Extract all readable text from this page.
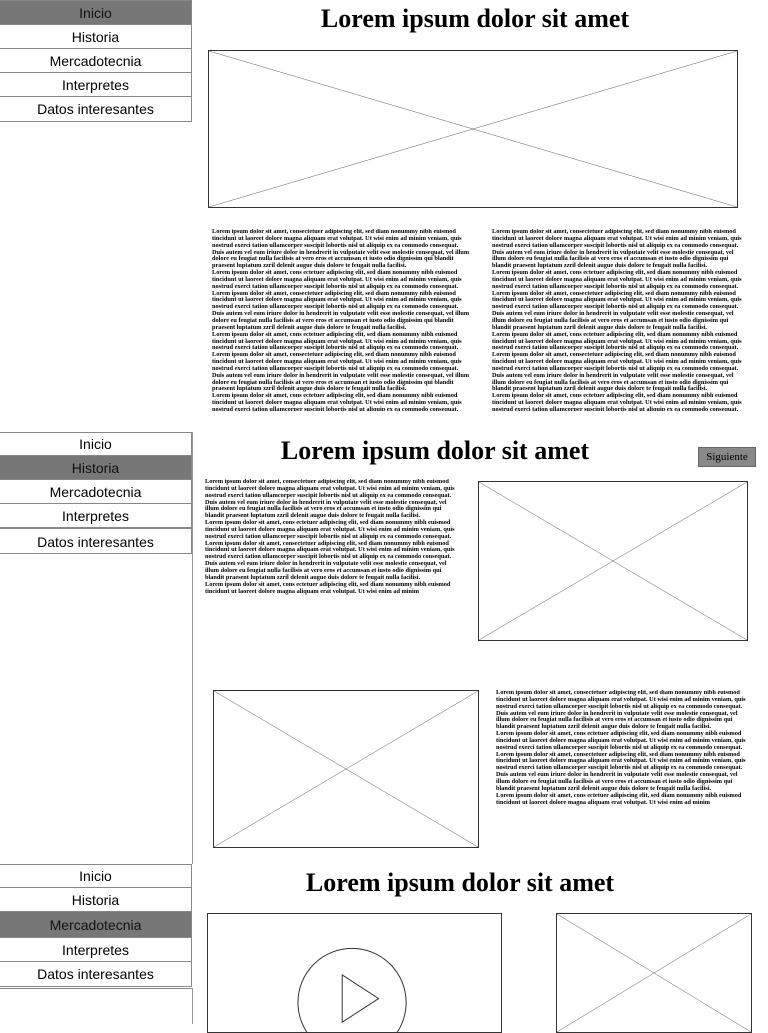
Inicio
Historia
Mercadotecnia
Interpretes
Datos interesantes
Lorem ipsum dolor sit amet

Lorem ipsum dolor sit amet, consectetuer adipiscing elit, sed diam nonummy nibh euismod tincidunt ut laoreet dolore magna aliquam erat volutpat. Ut wisi enim ad minim veniam, quis nostrud exerci tation ullamcorper suscipit lobortis nisl ut aliquip ex ea commodo consequat. Duis autem vel eum iriure dolor in hendrerit in vulputate velit esse molestie consequat, vel illum dolore eu feugiat nulla facilisis at vero eros et accumsan et iusto odio dignissim qui blandit praesent luptatum zzril delenit augue duis dolore te feugait nulla facilisi.

Lorem ipsum dolor sit amet, cons ectetuer adipiscing elit, sed diam nonummy nibh euismod tincidunt ut laoreet dolore magna aliquam erat volutpat. Ut wisi enim ad minim veniam, quis nostrud exerci tation ullamcorper suscipit lobortis nisl ut aliquip ex ea commodo consequat.

Lorem ipsum dolor sit amet, consectetuer adipiscing elit, sed diam nonummy nibh euismod tincidunt ut laoreet dolore magna aliquam erat volutpat. Ut wisi enim ad minim veniam, quis nostrud exerci tation ullamcorper suscipit lobortis nisl ut aliquip ex ea commodo consequat. Duis autem vel eum iriure dolor in hendrerit in vulputate velit esse molestie consequat, vel illum dolore eu feugiat nulla facilisis at vero eros et accumsan et iusto odio dignissim qui blandit praesent luptatum zzril delenit augue duis dolore te feugait nulla facilisi.

Lorem ipsum dolor sit amet, cons ectetuer adipiscing elit, sed diam nonummy nibh euismod tincidunt ut laoreet dolore magna aliquam erat volutpat. Ut wisi enim ad minim veniam, quis nostrud exerci tation ullamcorper suscipit lobortis nisl ut aliquip ex ea commodo consequat.

Lorem ipsum dolor sit amet, consectetuer adipiscing elit, sed diam nonummy nibh euismod tincidunt ut laoreet dolore magna aliquam erat volutpat. Ut wisi enim ad minim veniam, quis nostrud exerci tation ullamcorper suscipit lobortis nisl ut aliquip ex ea commodo consequat. Duis autem vel eum iriure dolor in hendrerit in vulputate velit esse molestie consequat, vel illum dolore eu feugiat nulla facilisis at vero eros et accumsan et iusto odio dignissim qui blandit praesent luptatum zzril delenit augue duis dolore te feugait nulla facilisi.

Lorem ipsum dolor sit amet, cons ectetuer adipiscing elit, sed diam nonummy nibh euismod tincidunt ut laoreet dolore magna aliquam erat volutpat. Ut wisi enim ad minim veniam, quis nostrud exerci tation ullamcorper suscipit lobortis nisl ut aliquip ex ea commodo consequat.

Lorem ipsum dolor sit amet, consectetuer adipiscing elit, sed diam nonummy nibh euismod tincidunt ut laoreet dolore magna aliquam erat volutpat. Ut wisi enim ad minim veniam, quis nostrud exerci tation ullamcorper suscipit lobortis nisl ut aliquip ex ea commodo consequat. Duis autem vel eum iriure dolor in hendrerit in vulputate velit esse molestie consequat, vel illum dolore eu feugiat nulla facilisis at vero eros et accumsan et iusto odio dignissim qui blandit praesent luptatum zzril delenit augue duis dolore te feugait nulla facilisi.

Lorem ipsum dolor sit amet, cons ectetuer adipiscing elit, sed diam nonummy nibh euismod tincidunt ut laoreet dolore magna aliquam erat volutpat. Ut wisi enim ad minim veniam, quis nostrud exerci tation ullamcorper suscipit lobortis nisl ut aliquip ex ea commodo consequat.

Lorem ipsum dolor sit amet, consectetuer adipiscing elit, sed diam nonummy nibh euismod tincidunt ut laoreet dolore magna aliquam erat volutpat. Ut wisi enim ad minim veniam, quis nostrud exerci tation ullamcorper suscipit lobortis nisl ut aliquip ex ea commodo consequat. Duis autem vel eum iriure dolor in hendrerit in vulputate velit esse molestie consequat, vel illum dolore eu feugiat nulla facilisis at vero eros et accumsan et iusto odio dignissim qui blandit praesent luptatum zzril delenit augue duis dolore te feugait nulla facilisi.

Lorem ipsum dolor sit amet, cons ectetuer adipiscing elit, sed diam nonummy nibh euismod tincidunt ut laoreet dolore magna aliquam erat volutpat. Ut wisi enim ad minim veniam, quis nostrud exerci tation ullamcorper suscipit lobortis nisl ut aliquip ex ea commodo consequat.

Lorem ipsum dolor sit amet, consectetuer adipiscing elit, sed diam nonummy nibh euismod tincidunt ut laoreet dolore magna aliquam erat volutpat. Ut wisi enim ad minim veniam, quis nostrud exerci tation ullamcorper suscipit lobortis nisl ut aliquip ex ea commodo consequat. Duis autem vel eum iriure dolor in hendrerit in vulputate velit esse molestie consequat, vel illum dolore eu feugiat nulla facilisis at vero eros et accumsan et iusto odio dignissim qui blandit praesent luptatum zzril delenit augue duis dolore te feugait nulla facilisi.

Lorem ipsum dolor sit amet, cons ectetuer adipiscing elit, sed diam nonummy nibh euismod tincidunt ut laoreet dolore magna aliquam erat volutpat. Ut wisi enim ad minim veniam, quis nostrud exerci tation ullamcorper suscipit lobortis nisl ut aliquip ex ea commodo consequat.

Inicio
Historia
Mercadotecnia
Interpretes
Datos interesantes
Lorem ipsum dolor sit amet	Siguiente

Lorem ipsum dolor sit amet, consectetuer adipiscing elit, sed diam nonummy nibh euismod tincidunt ut laoreet dolore magna aliquam erat volutpat. Ut wisi enim ad minim veniam, quis nostrud exerci tation ullamcorper suscipit lobortis nisl ut aliquip ex ea commodo consequat. Duis autem vel eum iriure dolor in hendrerit in vulputate velit esse molestie consequat, vel illum dolore eu feugiat nulla facilisis at vero eros et accumsan et iusto odio dignissim qui blandit praesent luptatum zzril delenit augue duis dolore te feugait nulla facilisi.

Lorem ipsum dolor sit amet, cons ectetuer adipiscing elit, sed diam nonummy nibh euismod tincidunt ut laoreet dolore magna aliquam erat volutpat. Ut wisi enim ad minim veniam, quis nostrud exerci tation ullamcorper suscipit lobortis nisl ut aliquip ex ea commodo consequat.

Lorem ipsum dolor sit amet, consectetuer adipiscing elit, sed diam nonummy nibh euismod tincidunt ut laoreet dolore magna aliquam erat volutpat. Ut wisi enim ad minim veniam, quis nostrud exerci tation ullamcorper suscipit lobortis nisl ut aliquip ex ea commodo consequat. Duis autem vel eum iriure dolor in hendrerit in vulputate velit esse molestie consequat, vel illum dolore eu feugiat nulla facilisis at vero eros et accumsan et iusto odio dignissim qui blandit praesent luptatum zzril delenit augue duis dolore te feugait nulla facilisi.

Lorem ipsum dolor sit amet, cons ectetuer adipiscing elit, sed diam nonummy nibh euismod tincidunt ut laoreet dolore magna aliquam erat volutpat. Ut wisi enim ad minim

Lorem ipsum dolor sit amet, consectetuer adipiscing elit, sed diam nonummy nibh euismod tincidunt ut laoreet dolore magna aliquam erat volutpat. Ut wisi enim ad minim veniam, quis nostrud exerci tation ullamcorper suscipit lobortis nisl ut aliquip ex ea commodo consequat. Duis autem vel eum iriure dolor in hendrerit in vulputate velit esse molestie consequat, vel illum dolore eu feugiat nulla facilisis at vero eros et accumsan et iusto odio dignissim qui blandit praesent luptatum zzril delenit augue duis dolore te feugait nulla facilisi.

Lorem ipsum dolor sit amet, cons ectetuer adipiscing elit, sed diam nonummy nibh euismod tincidunt ut laoreet dolore magna aliquam erat volutpat. Ut wisi enim ad minim veniam, quis nostrud exerci tation ullamcorper suscipit lobortis nisl ut aliquip ex ea commodo consequat.

Lorem ipsum dolor sit amet, consectetuer adipiscing elit, sed diam nonummy nibh euismod tincidunt ut laoreet dolore magna aliquam erat volutpat. Ut wisi enim ad minim veniam, quis nostrud exerci tation ullamcorper suscipit lobortis nisl ut aliquip ex ea commodo consequat. Duis autem vel eum iriure dolor in hendrerit in vulputate velit esse molestie consequat, vel illum dolore eu feugiat nulla facilisis at vero eros et accumsan et iusto odio dignissim qui blandit praesent luptatum zzril delenit augue duis dolore te feugait nulla facilisi.

Lorem ipsum dolor sit amet, cons ectetuer adipiscing elit, sed diam nonummy nibh euismod tincidunt ut laoreet dolore magna aliquam erat volutpat. Ut wisi enim ad minim

Inicio
Historia
Mercadotecnia
Interpretes
Datos interesantes
Lorem ipsum dolor sit amet
